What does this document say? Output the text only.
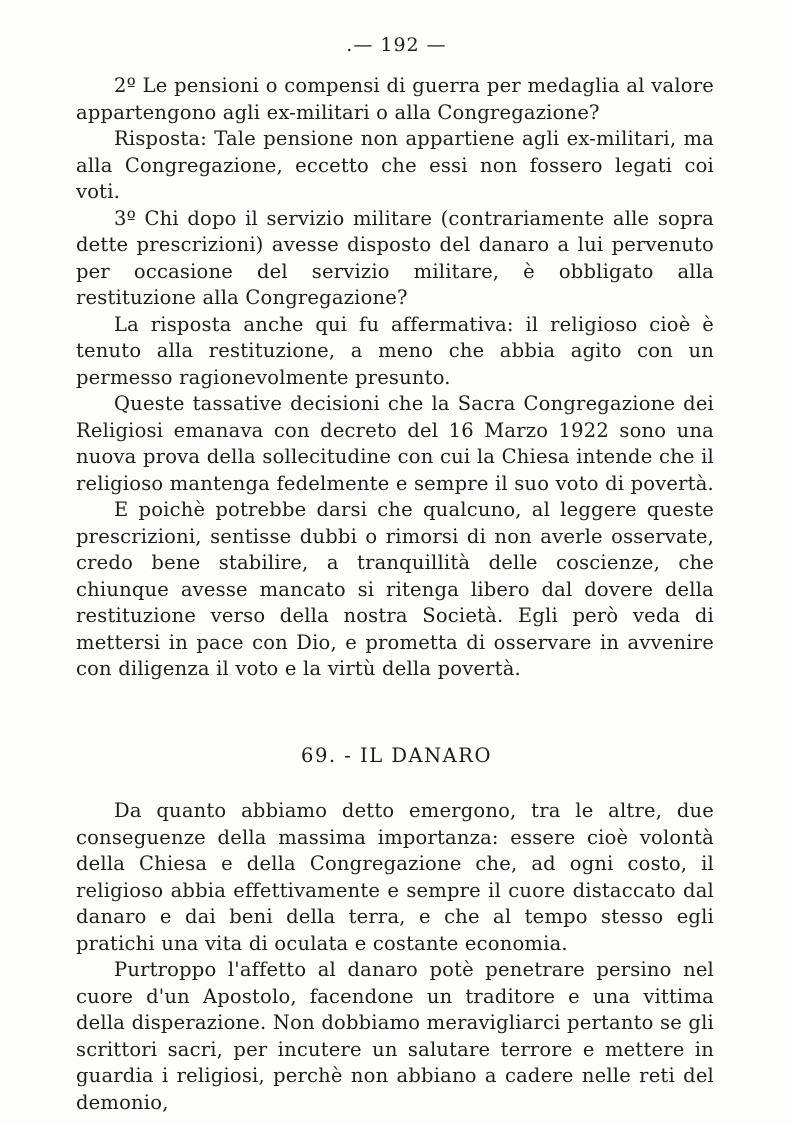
.— 192 —

2º Le pensioni o compensi di guerra per medaglia al valore appartengono agli ex-militari o alla Congregazione?

Risposta: Tale pensione non appartiene agli ex-militari, ma alla Congregazione, eccetto che essi non fossero legati coi voti.

3º Chi dopo il servizio militare (contrariamente alle sopra dette prescrizioni) avesse disposto del danaro a lui pervenuto per occasione del servizio militare, è obbligato alla restituzione alla Congregazione?

La risposta anche qui fu affermativa: il religioso cioè è tenuto alla restituzione, a meno che abbia agito con un permesso ragionevolmente presunto.

Queste tassative decisioni che la Sacra Congregazione dei Religiosi emanava con decreto del 16 Marzo 1922 sono una nuova prova della sollecitudine con cui la Chiesa intende che il religioso mantenga fedelmente e sempre il suo voto di povertà.

E poichè potrebbe darsi che qualcuno, al leggere queste prescrizioni, sentisse dubbi o rimorsi di non averle osservate, credo bene stabilire, a tranquillità delle coscienze, che chiunque avesse mancato si ritenga libero dal dovere della restituzione verso della nostra Società. Egli però veda di mettersi in pace con Dio, e prometta di osservare in avvenire con diligenza il voto e la virtù della povertà.

69. - IL DANARO

Da quanto abbiamo detto emergono, tra le altre, due conseguenze della massima importanza: essere cioè volontà della Chiesa e della Congregazione che, ad ogni costo, il religioso abbia effettivamente e sempre il cuore distaccato dal danaro e dai beni della terra, e che al tempo stesso egli pratichi una vita di oculata e costante economia.

Purtroppo l'affetto al danaro potè penetrare persino nel cuore d'un Apostolo, facendone un traditore e una vittima della disperazione. Non dobbiamo meravigliarci pertanto se gli scrittori sacri, per incutere un salutare terrore e mettere in guardia i religiosi, perchè non abbiano a cadere nelle reti del demonio,
